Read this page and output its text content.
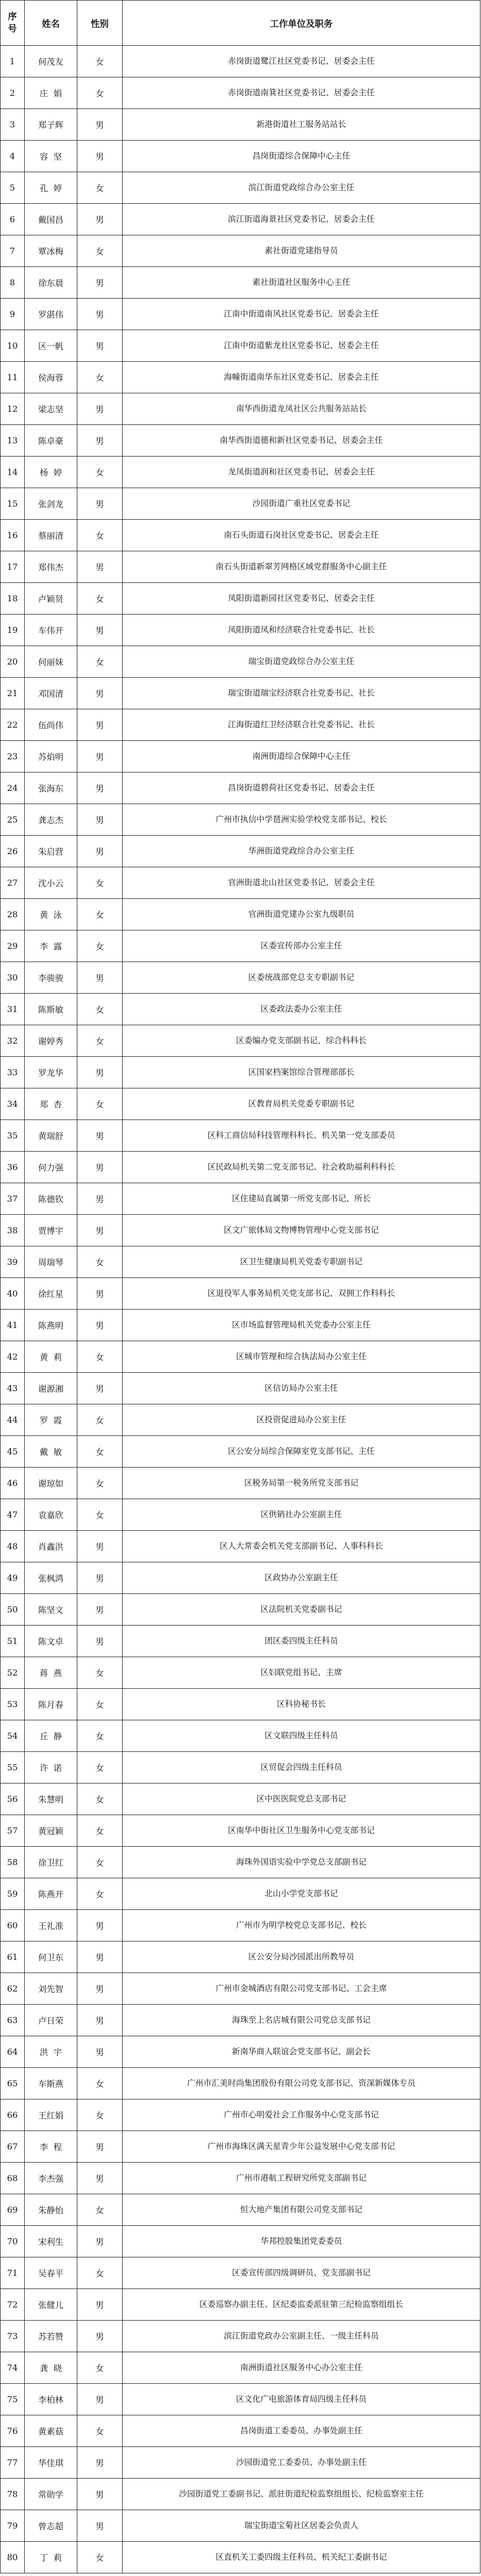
序号	姓名	性别	工作单位及职务
1	何茂友	女	赤岗街道鹭江社区党委书记、居委会主任
2	庄  娟	女	赤岗街道南箕社区党委书记、居委会主任
3	郑子辉	男	新港街道社工服务站站长
4	容  坚	男	昌岗街道综合保障中心主任
5	孔  婷	女	滨江街道党政综合办公室主任
6	戴国昌	男	滨江街道海景社区党委书记、居委会主任
7	覃冰梅	女	素社街道党建指导员
8	徐东晨	男	素社街道社区服务中心主任
9	罗湛伟	男	江南中街道南风社区党委书记、居委会主任
10	区一帆	男	江南中街道紫龙社区党委书记、居委会主任
11	侯海蓉	女	海幢街道南华东社区党委书记、居委会主任
12	梁志坚	男	南华西街道龙凤社区公共服务站站长
13	陈卓豪	男	南华西街道德和新社区党委书记、居委会主任
14	杨  婷	女	龙凤街道润和社区党委书记、居委会主任
15	张剑龙	男	沙园街道广重社区党委书记
16	蔡丽清	女	南石头街道石岗社区党委书记、居委会主任
17	郑伟杰	男	南石头街道新翠芳网格区域党群服务中心副主任
18	卢颖贤	女	凤阳街道新园社区党委书记、居委会主任
19	车伟开	男	凤阳街道凤和经济联合社党委书记、社长
20	何丽妹	女	瑞宝街道党政综合办公室主任
21	邓国清	男	瑞宝街道瑞宝经济联合社党委书记、社长
22	伍尚伟	男	江海街道红卫经济联合社党委书记、社长
23	苏焰明	男	南洲街道综合保障中心主任
24	张海东	男	昌岗街道碧荷社区党委书记、居委会主任
25	龚志杰	男	广州市执信中学琶洲实验学校党支部书记、校长
26	朱启营	男	华洲街道党政综合办公室主任
27	沈小云	女	官洲街道北山社区党委书记、居委会主任
28	黄  泳	女	官洲街道党建办公室九级职员
29	李  露	女	区委宣传部办公室主任
30	李骏骏	男	区委统战部党总支专职副书记
31	陈斯敏	女	区委政法委办公室主任
32	谢婷秀	女	区委编办党支部副书记、综合科科长
33	罗龙华	男	区国家档案馆综合管理部部长
34	郑  杏	女	区教育局机关党委专职副书记
35	黄瑞舒	男	区科工商信局科技管理科科长、机关第一党支部委员
36	何力强	男	区民政局机关第二党支部书记、社会救助福利科科长
37	陈德钦	男	区住建局直属第一所党支部书记、所长
38	贾博宇	男	区文广旅体局文物博物管理中心党支部书记
39	周瑞琴	女	区卫生健康局机关党委专职副书记
40	徐红星	男	区退役军人事务局机关党支部书记、双拥工作科科长
41	陈燕明	男	区市场监督管理局机关党委办公室主任
42	黄  莉	女	区城市管理和综合执法局办公室主任
43	谢源湘	男	区信访局办公室主任
44	罗  霞	女	区投资促进局办公室主任
45	戴  敏	女	区公安分局综合保障室党支部书记、主任
46	谢琼如	女	区税务局第一税务所党支部书记
47	袁嘉欣	女	区供销社办公室副主任
48	肖鑫洪	男	区人大常委会机关党支部副书记、人事科科长
49	张枫鸿	男	区政协办公室副主任
50	陈坚文	男	区法院机关党委副书记
51	陈文卓	男	团区委四级主任科员
52	蒋  燕	女	区妇联党组书记、主席
53	陈月春	女	区科协秘书长
54	丘  静	女	区文联四级主任科员
55	许  诺	女	区贸促会四级主任科员
56	朱慧明	女	区中医医院党总支部书记
57	黄冠颖	女	区南华中街社区卫生服务中心党支部书记
58	徐卫红	女	海珠外国语实验中学党总支部副书记
59	陈燕开	女	北山小学党支部书记
60	王礼准	男	广州市为明学校党总支部书记、校长
61	何卫东	男	区公安分局沙园派出所教导员
62	刘先智	男	广州市金城酒店有限公司党支部书记、工会主席
63	卢日荣	男	海珠至上名店城有限公司党总支部书记
64	洪  宇	男	新南华商人联谊会党支部书记、副会长
65	车斯燕	女	广州市汇美时尚集团股份有限公司党支部书记、资深新媒体专员
66	王红娟	女	广州市心明爱社会工作服务中心党支部书记
67	李  程	男	广州市海珠区满天星青少年公益发展中心党支部书记
68	李杰强	男	广州市港航工程研究所党支部副书记
69	朱静怡	女	恒大地产集团有限公司党支部书记
70	宋利生	男	华邦控股集团党委委员
71	吴春平	女	区委宣传部四级调研员、党支部副书记
72	张健儿	男	区委巡察办副主任、区纪委监委派驻第三纪检监察组组长
73	苏若赞	男	滨江街道党政办公室副主任、一级主任科员
74	龚  晓	女	南洲街道社区服务中心办公室主任
75	李柏林	男	区文化广电旅游体育局四级主任科员
76	黄素菇	女	昌岗街道工委委员、办事处副主任
77	华佳琪	男	沙园街道党工委委员、办事处副主任
78	常勋学	男	沙园街道党工委副书记、派驻街道纪检监察组组长、纪检监察室主任
79	曾志超	男	瑞宝街道宝菊社区居委会负责人
80	丁  莉	女	区直机关工委四级主任科员、机关纪工委副书记
